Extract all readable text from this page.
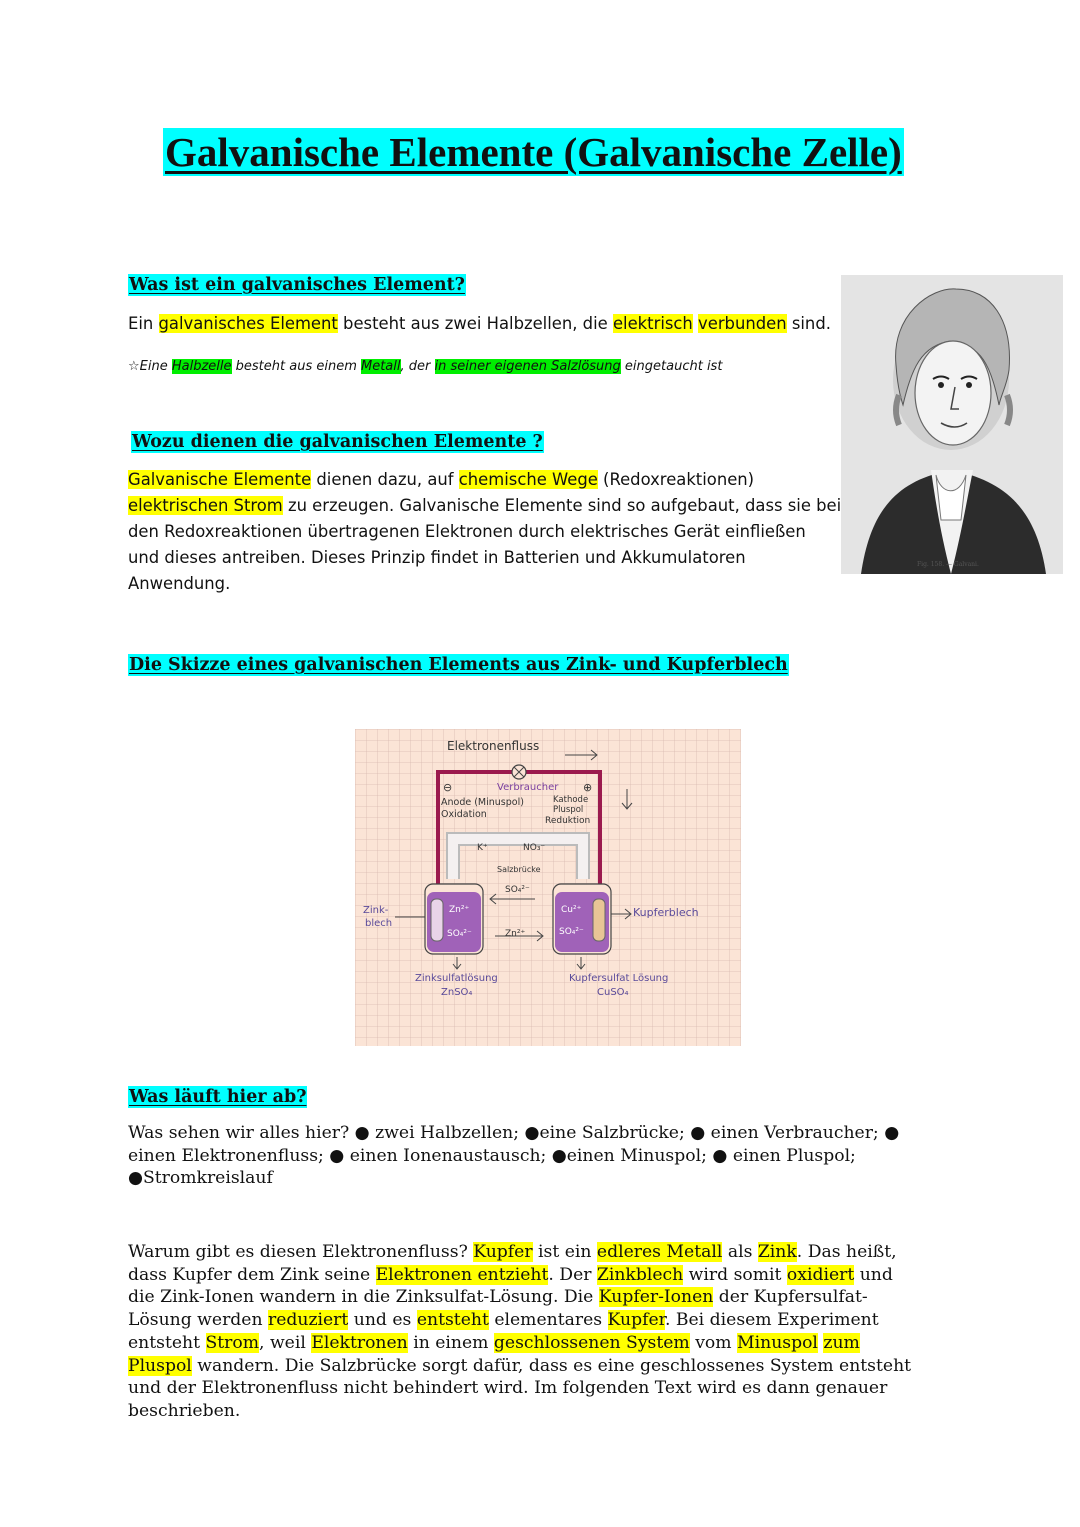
Galvanische Elemente (Galvanische Zelle)
Was ist ein galvanisches Element?
Ein galvanisches Element besteht aus zwei Halbzellen, die elektrisch verbunden sind.
☆Eine Halbzelle besteht aus einem Metall, der in seiner eigenen Salzlösung eingetaucht ist
Fig. 158. — Galvani.
Wozu dienen die galvanischen Elemente ?
Galvanische Elemente dienen dazu, auf chemische Wege (Redoxreaktionen)
elektrischen Strom zu erzeugen. Galvanische Elemente sind so aufgebaut, dass sie bei
den Redoxreaktionen übertragenen Elektronen durch elektrisches Gerät einfließen
und dieses antreiben. Dieses Prinzip findet in Batterien und Akkumulatoren
Anwendung.
Die Skizze eines galvanischen Elements aus Zink- und Kupferblech
Elektronenfluss
Verbraucher
⊖	⊕
Anode (Minuspol)
Oxidation
Kathode
Pluspol
Reduktion
K⁺	NO₃⁻
Salzbrücke
SO₄²⁻
Zn²⁺
Zn²⁺
SO₄²⁻
Cu²⁺
SO₄²⁻
Zink-
blech
Kupferblech
Zinksulfatlösung
ZnSO₄
Kupfersulfat Lösung
CuSO₄
Was läuft hier ab?
Was sehen wir alles hier? ● zwei Halbzellen; ●eine Salzbrücke; ● einen Verbraucher; ●
einen Elektronenfluss; ● einen Ionenaustausch; ●einen Minuspol; ● einen Pluspol;
●Stromkreislauf
Warum gibt es diesen Elektronenfluss? Kupfer ist ein edleres Metall als Zink. Das heißt,
dass Kupfer dem Zink seine Elektronen entzieht. Der Zinkblech wird somit oxidiert und
die Zink-Ionen wandern in die Zinksulfat-Lösung. Die Kupfer-Ionen der Kupfersulfat-
Lösung werden reduziert und es entsteht elementares Kupfer. Bei diesem Experiment
entsteht Strom, weil Elektronen in einem geschlossenen System vom Minuspol zum
Pluspol wandern. Die Salzbrücke sorgt dafür, dass es eine geschlossenes System entsteht
und der Elektronenfluss nicht behindert wird. Im folgenden Text wird es dann genauer
beschrieben.
